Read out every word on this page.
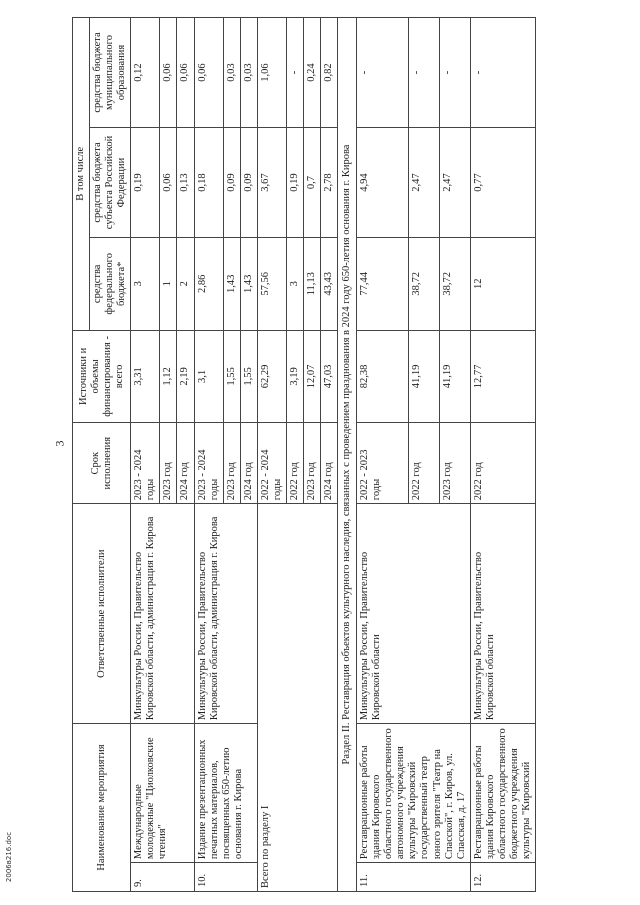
3
2006в216.doc	Наименование мероприятия		Ответственные исполнители	Срок исполнения	Источники и объемы финансирования - всего	В том числе		
					средства федерального бюджета*	средства бюджета субъекта Российской Федерации	средства бюджета муниципального образования
9.	Международные молодежные "Циолковские чтения"	Минкультуры России, Правительство Кировской области, администрация г. Кирова	2023 - 2024 годы	3,31	3	0,19	0,12
			2023 год	1,12	1	0,06	0,06
			2024 год	2,19	2	0,13	0,06
10.	Издание презентационных печатных материалов, посвященных 650-летию основания г. Кирова	Минкультуры России, Правительство Кировской области, администрация г. Кирова	2023 - 2024 годы	3,1	2,86	0,18	0,06
			2023 год	1,55	1,43	0,09	0,03
			2024 год	1,55	1,43	0,09	0,03
Всего по разделу I			2022 - 2024 годы	62,29	57,56	3,67	1,06
			2022 год	3,19	3	0,19	-
			2023 год	12,07	11,13	0,7	0,24
			2024 год	47,03	43,43	2,78	0,82
Раздел II. Реставрация объектов культурного наследия, связанных с проведением празднования в 2024 году 650-летия основания г. Кирова							
11.	Реставрационные работы здания Кировского областного государственного автономного учреждения культуры "Кировский государственный театр юного зрителя "Театр на Спасской", г. Киров, ул. Спасская, д. 17	Минкультуры России, Правительство Кировской области	2022 - 2023 годы	82,38	77,44	4,94	-
			2022 год	41,19	38,72	2,47	-
			2023 год	41,19	38,72	2,47	-
12.	Реставрационные работы здания Кировского областного государственного бюджетного учреждения культуры "Кировский	Минкультуры России, Правительство Кировской области	2022 год	12,77	12	0,77	-
